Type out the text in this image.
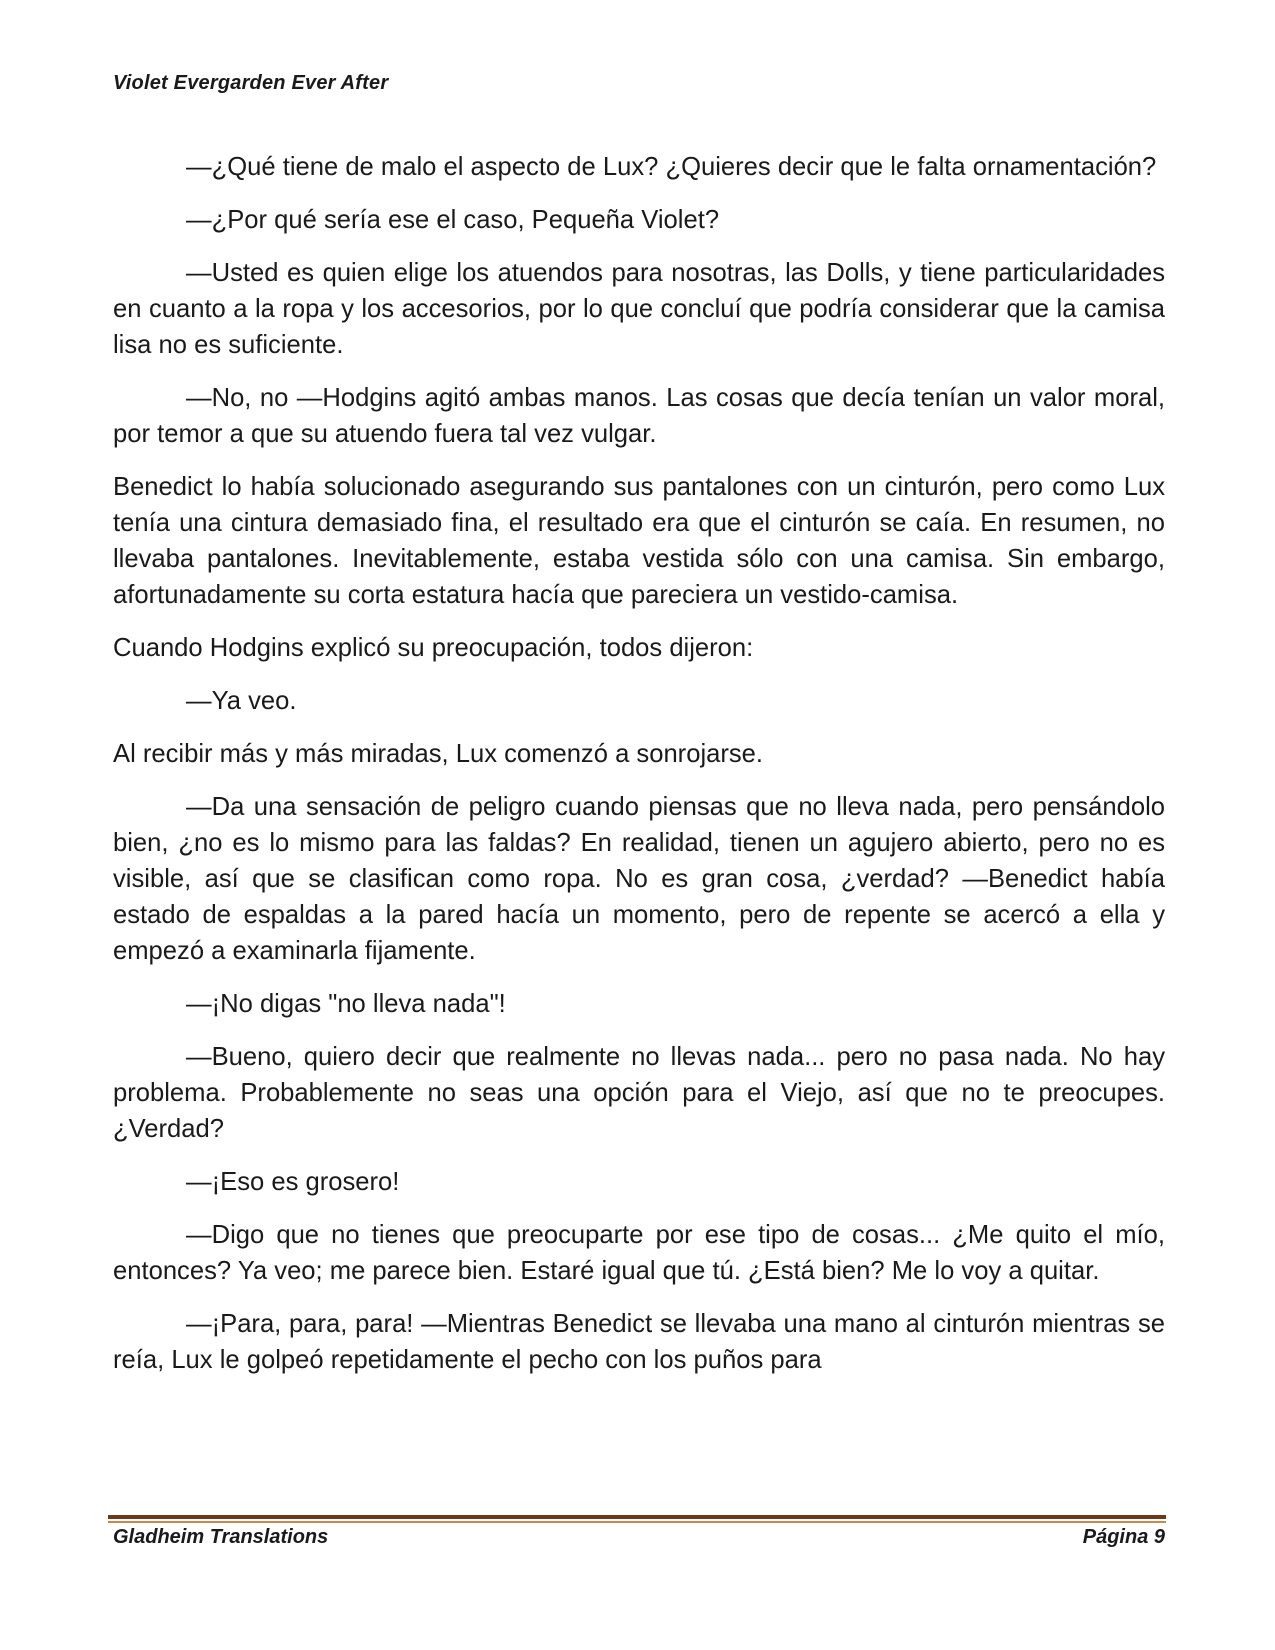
Violet Evergarden Ever After

—¿Qué tiene de malo el aspecto de Lux? ¿Quieres decir que le falta ornamentación?

—¿Por qué sería ese el caso, Pequeña Violet?

—Usted es quien elige los atuendos para nosotras, las Dolls, y tiene particularidades en cuanto a la ropa y los accesorios, por lo que concluí que podría considerar que la camisa lisa no es suficiente.

—No, no —Hodgins agitó ambas manos. Las cosas que decía tenían un valor moral, por temor a que su atuendo fuera tal vez vulgar.

Benedict lo había solucionado asegurando sus pantalones con un cinturón, pero como Lux tenía una cintura demasiado fina, el resultado era que el cinturón se caía. En resumen, no llevaba pantalones. Inevitablemente, estaba vestida sólo con una camisa. Sin embargo, afortunadamente su corta estatura hacía que pareciera un vestido-camisa.

Cuando Hodgins explicó su preocupación, todos dijeron:

—Ya veo.

Al recibir más y más miradas, Lux comenzó a sonrojarse.

—Da una sensación de peligro cuando piensas que no lleva nada, pero pensándolo bien, ¿no es lo mismo para las faldas? En realidad, tienen un agujero abierto, pero no es visible, así que se clasifican como ropa. No es gran cosa, ¿verdad? —Benedict había estado de espaldas a la pared hacía un momento, pero de repente se acercó a ella y empezó a examinarla fijamente.

—¡No digas "no lleva nada"!

—Bueno, quiero decir que realmente no llevas nada... pero no pasa nada. No hay problema. Probablemente no seas una opción para el Viejo, así que no te preocupes. ¿Verdad?

—¡Eso es grosero!

—Digo que no tienes que preocuparte por ese tipo de cosas... ¿Me quito el mío, entonces? Ya veo; me parece bien. Estaré igual que tú. ¿Está bien? Me lo voy a quitar.

—¡Para, para, para! —Mientras Benedict se llevaba una mano al cinturón mientras se reía, Lux le golpeó repetidamente el pecho con los puños para

Gladheim Translations	Página 9
